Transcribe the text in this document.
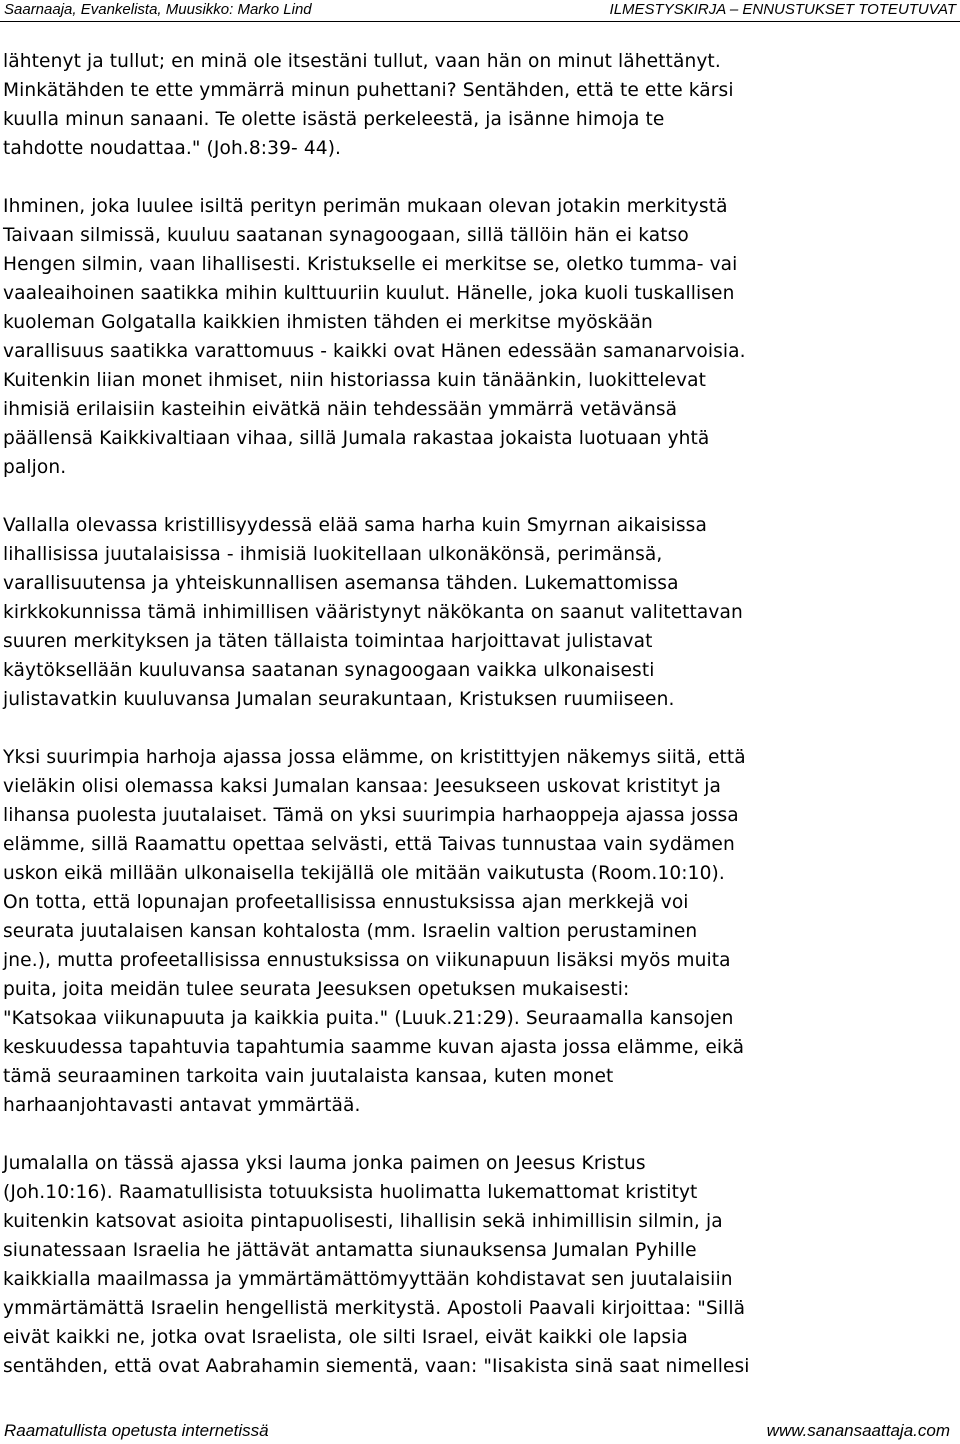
Saarnaaja, Evankelista, Muusikko: Marko Lind	ILMESTYSKIRJA – ENNUSTUKSET TOTEUTUVAT
lähtenyt ja tullut; en minä ole itsestäni tullut, vaan hän on minut lähettänyt.
Minkätähden te ette ymmärrä minun puhettani? Sentähden, että te ette kärsi
kuulla minun sanaani. Te olette isästä perkeleestä, ja isänne himoja te
tahdotte noudattaa." (Joh.8:39- 44).
Ihminen, joka luulee isiltä perityn perimän mukaan olevan jotakin merkitystä
Taivaan silmissä, kuuluu saatanan synagoogaan, sillä tällöin hän ei katso
Hengen silmin, vaan lihallisesti. Kristukselle ei merkitse se, oletko tumma- vai
vaaleaihoinen saatikka mihin kulttuuriin kuulut. Hänelle, joka kuoli tuskallisen
kuoleman Golgatalla kaikkien ihmisten tähden ei merkitse myöskään
varallisuus saatikka varattomuus - kaikki ovat Hänen edessään samanarvoisia.
Kuitenkin liian monet ihmiset, niin historiassa kuin tänäänkin, luokittelevat
ihmisiä erilaisiin kasteihin eivätkä näin tehdessään ymmärrä vetävänsä
päällensä Kaikkivaltiaan vihaa, sillä Jumala rakastaa jokaista luotuaan yhtä
paljon.
Vallalla olevassa kristillisyydessä elää sama harha kuin Smyrnan aikaisissa
lihallisissa juutalaisissa - ihmisiä luokitellaan ulkonäkönsä, perimänsä,
varallisuutensa ja yhteiskunnallisen asemansa tähden. Lukemattomissa
kirkkokunnissa tämä inhimillisen vääristynyt näkökanta on saanut valitettavan
suuren merkityksen ja täten tällaista toimintaa harjoittavat julistavat
käytöksellään kuuluvansa saatanan synagoogaan vaikka ulkonaisesti
julistavatkin kuuluvansa Jumalan seurakuntaan, Kristuksen ruumiiseen.
Yksi suurimpia harhoja ajassa jossa elämme, on kristittyjen näkemys siitä, että
vieläkin olisi olemassa kaksi Jumalan kansaa: Jeesukseen uskovat kristityt ja
lihansa puolesta juutalaiset. Tämä on yksi suurimpia harhaoppeja ajassa jossa
elämme, sillä Raamattu opettaa selvästi, että Taivas tunnustaa vain sydämen
uskon eikä millään ulkonaisella tekijällä ole mitään vaikutusta (Room.10:10).
On totta, että lopunajan profeetallisissa ennustuksissa ajan merkkejä voi
seurata juutalaisen kansan kohtalosta (mm. Israelin valtion perustaminen
jne.), mutta profeetallisissa ennustuksissa on viikunapuun lisäksi myös muita
puita, joita meidän tulee seurata Jeesuksen opetuksen mukaisesti:
"Katsokaa viikunapuuta ja kaikkia puita." (Luuk.21:29). Seuraamalla kansojen
keskuudessa tapahtuvia tapahtumia saamme kuvan ajasta jossa elämme, eikä
tämä seuraaminen tarkoita vain juutalaista kansaa, kuten monet
harhaanjohtavasti antavat ymmärtää.
Jumalalla on tässä ajassa yksi lauma jonka paimen on Jeesus Kristus
(Joh.10:16). Raamatullisista totuuksista huolimatta lukemattomat kristityt
kuitenkin katsovat asioita pintapuolisesti, lihallisin sekä inhimillisin silmin, ja
siunatessaan Israelia he jättävät antamatta siunauksensa Jumalan Pyhille
kaikkialla maailmassa ja ymmärtämättömyyttään kohdistavat sen juutalaisiin
ymmärtämättä Israelin hengellistä merkitystä. Apostoli Paavali kirjoittaa: "Sillä
eivät kaikki ne, jotka ovat Israelista, ole silti Israel, eivät kaikki ole lapsia
sentähden, että ovat Aabrahamin siementä, vaan: "Iisakista sinä saat nimellesi
Raamatullista opetusta internetissä	www.sanansaattaja.com
